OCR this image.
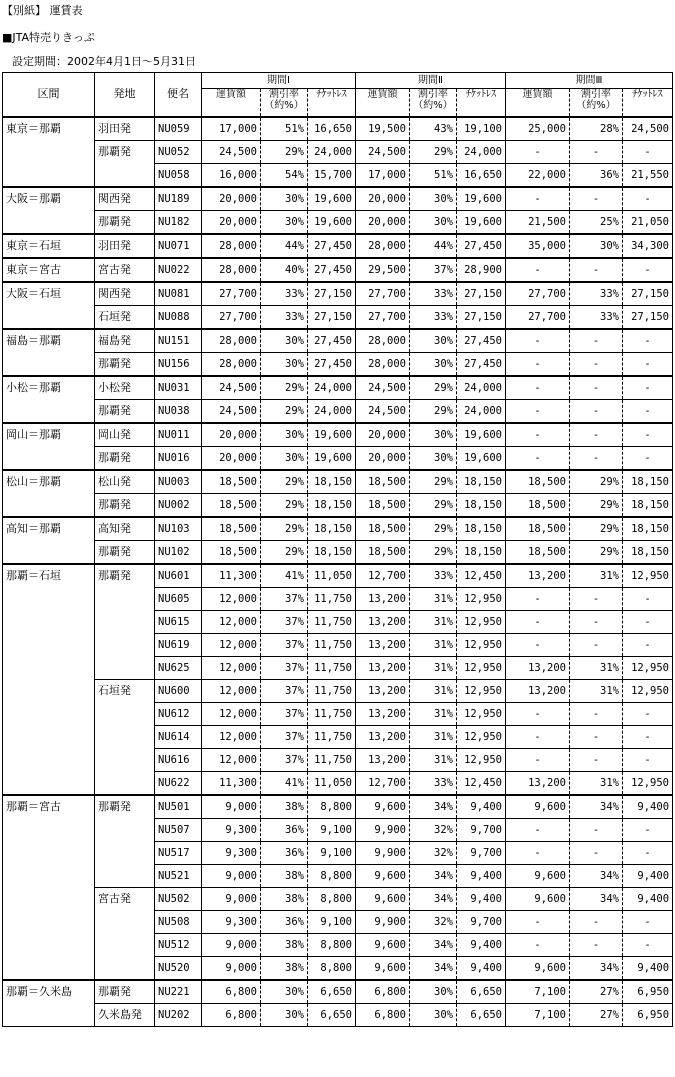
【別紙】 運賃表
■JTA特売りきっぷ
設定期間：2002年4月1日～5月31日
区間	発地	便名	期間Ⅰ			期間Ⅱ			期間Ⅲ		
			運賃額	割引率（約%）	ﾁｹｯﾄﾚｽ	運賃額	割引率（約%）	ﾁｹｯﾄﾚｽ	運賃額	割引率（約%）	ﾁｹｯﾄﾚｽ
東京＝那覇	羽田発	NU059	17,000	51%	16,650	19,500	43%	19,100	25,000	28%	24,500
	那覇発	NU052	24,500	29%	24,000	24,500	29%	24,000	-	-	-
		NU058	16,000	54%	15,700	17,000	51%	16,650	22,000	36%	21,550
大阪＝那覇	関西発	NU189	20,000	30%	19,600	20,000	30%	19,600	-	-	-
	那覇発	NU182	20,000	30%	19,600	20,000	30%	19,600	21,500	25%	21,050
東京＝石垣	羽田発	NU071	28,000	44%	27,450	28,000	44%	27,450	35,000	30%	34,300
東京＝宮古	宮古発	NU022	28,000	40%	27,450	29,500	37%	28,900	-	-	-
大阪＝石垣	関西発	NU081	27,700	33%	27,150	27,700	33%	27,150	27,700	33%	27,150
	石垣発	NU088	27,700	33%	27,150	27,700	33%	27,150	27,700	33%	27,150
福島＝那覇	福島発	NU151	28,000	30%	27,450	28,000	30%	27,450	-	-	-
	那覇発	NU156	28,000	30%	27,450	28,000	30%	27,450	-	-	-
小松＝那覇	小松発	NU031	24,500	29%	24,000	24,500	29%	24,000	-	-	-
	那覇発	NU038	24,500	29%	24,000	24,500	29%	24,000	-	-	-
岡山＝那覇	岡山発	NU011	20,000	30%	19,600	20,000	30%	19,600	-	-	-
	那覇発	NU016	20,000	30%	19,600	20,000	30%	19,600	-	-	-
松山＝那覇	松山発	NU003	18,500	29%	18,150	18,500	29%	18,150	18,500	29%	18,150
	那覇発	NU002	18,500	29%	18,150	18,500	29%	18,150	18,500	29%	18,150
高知＝那覇	高知発	NU103	18,500	29%	18,150	18,500	29%	18,150	18,500	29%	18,150
	那覇発	NU102	18,500	29%	18,150	18,500	29%	18,150	18,500	29%	18,150
那覇＝石垣	那覇発	NU601	11,300	41%	11,050	12,700	33%	12,450	13,200	31%	12,950
		NU605	12,000	37%	11,750	13,200	31%	12,950	-	-	-
		NU615	12,000	37%	11,750	13,200	31%	12,950	-	-	-
		NU619	12,000	37%	11,750	13,200	31%	12,950	-	-	-
		NU625	12,000	37%	11,750	13,200	31%	12,950	13,200	31%	12,950
	石垣発	NU600	12,000	37%	11,750	13,200	31%	12,950	13,200	31%	12,950
		NU612	12,000	37%	11,750	13,200	31%	12,950	-	-	-
		NU614	12,000	37%	11,750	13,200	31%	12,950	-	-	-
		NU616	12,000	37%	11,750	13,200	31%	12,950	-	-	-
		NU622	11,300	41%	11,050	12,700	33%	12,450	13,200	31%	12,950
那覇＝宮古	那覇発	NU501	9,000	38%	8,800	9,600	34%	9,400	9,600	34%	9,400
		NU507	9,300	36%	9,100	9,900	32%	9,700	-	-	-
		NU517	9,300	36%	9,100	9,900	32%	9,700	-	-	-
		NU521	9,000	38%	8,800	9,600	34%	9,400	9,600	34%	9,400
	宮古発	NU502	9,000	38%	8,800	9,600	34%	9,400	9,600	34%	9,400
		NU508	9,300	36%	9,100	9,900	32%	9,700	-	-	-
		NU512	9,000	38%	8,800	9,600	34%	9,400	-	-	-
		NU520	9,000	38%	8,800	9,600	34%	9,400	9,600	34%	9,400
那覇＝久米島	那覇発	NU221	6,800	30%	6,650	6,800	30%	6,650	7,100	27%	6,950
	久米島発	NU202	6,800	30%	6,650	6,800	30%	6,650	7,100	27%	6,950
